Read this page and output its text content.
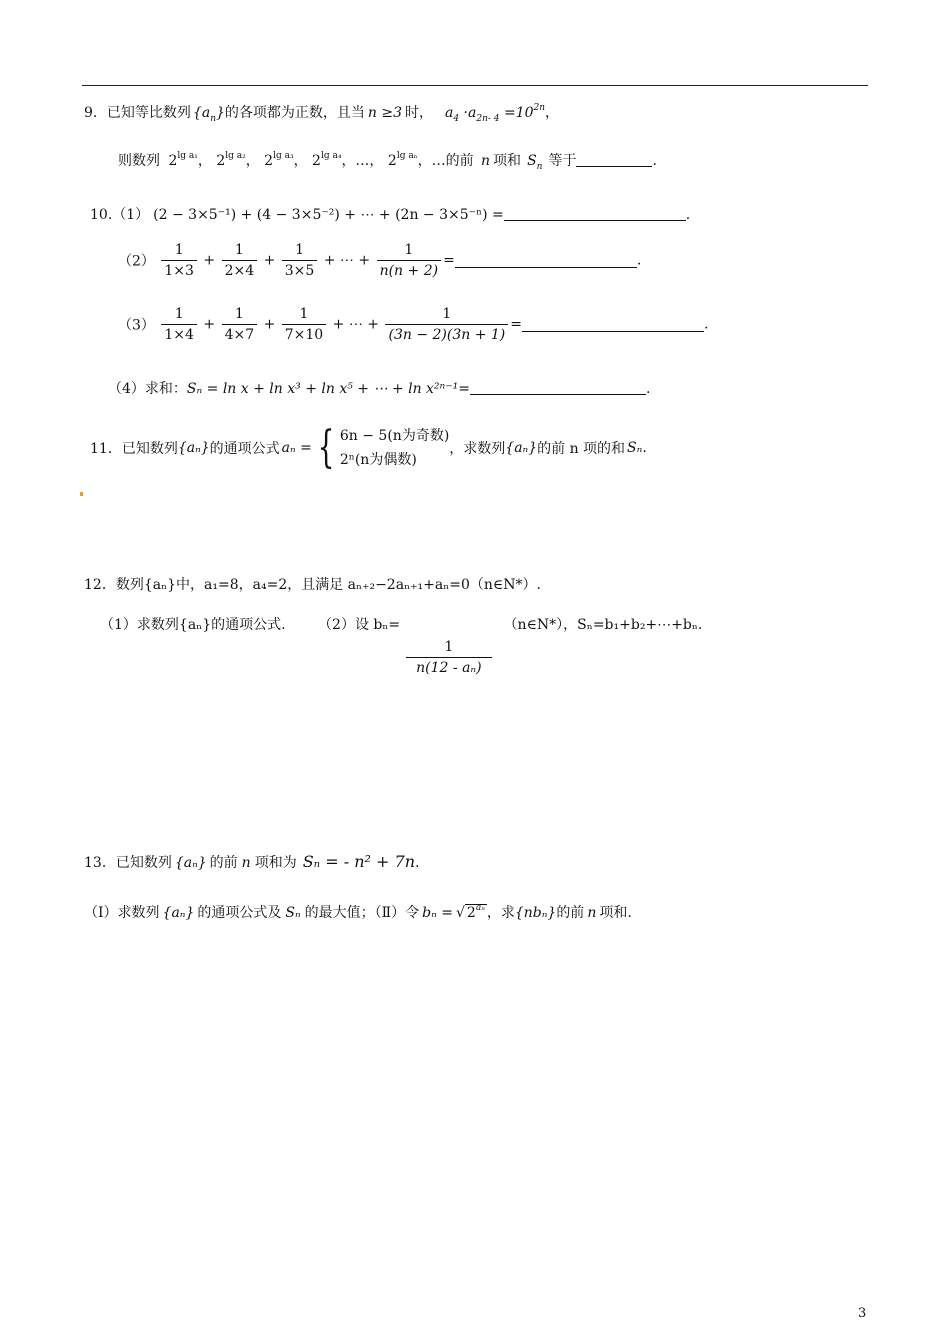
9．已知等比数列 $\{a_n\}$的各项都为正数，且当 n ≥3 时， $a_4 \cdot a_{2n- 4} =10^{2n}$，
则数列 $2^{lg a_1}$， $2^{lg a_2}$， $2^{lg a_3}$， $2^{lg a_4}$，…， $2^{lg a_n}$，…的前 n 项和 $S_n$ 等于	.
10.（1） (2 − 3×5⁻¹) + (4 − 3×5⁻²) + ⋯ + (2n − 3×5⁻ⁿ) =	.
$(2) \frac{1}{1\times 3} + \frac{1}{2\times 4} + \frac{1}{3\times 5}$ + ⋯ + $\frac{1}{n(n + 2)}$ =	.
$(3) \frac{1}{1\times 4} + \frac{1}{4\times 7} + \frac{1}{7\times 10}$ + ⋯ + $\frac{1}{(3n - 2)(3n + 1)}$ =	.
（4）求和：Sₙ = ln x + ln x³ + ln x⁵ + ⋯ + ln x²ⁿ⁻¹=	.
11．已知数列{aₙ}的通项公式 aₙ = { 6n − 5(n为奇数)
2ⁿ(n为偶数)
，求数列{aₙ}的前 n 项的和 Sₙ.
12．数列{aₙ}中，a₁=8，a₄=2，且满足 aₙ₊₂−2aₙ₊₁+aₙ=0（n∈N*）.
（1）求数列{aₙ}的通项公式. （2）设 bₙ=
$\frac{1}{\text{n(12 - aₙ)}}$
（n∈N*），Sₙ=b₁+b₂+⋯+bₙ.
13．已知数列 {aₙ} 的前 n 项和为 Sₙ = - n² + 7n.
（Ⅰ）求数列 {aₙ} 的通项公式及 Sₙ 的最大值；（Ⅱ）令 bₙ = √ $2^{a_n}$ ，求{nbₙ}的前 n 项和.
3
